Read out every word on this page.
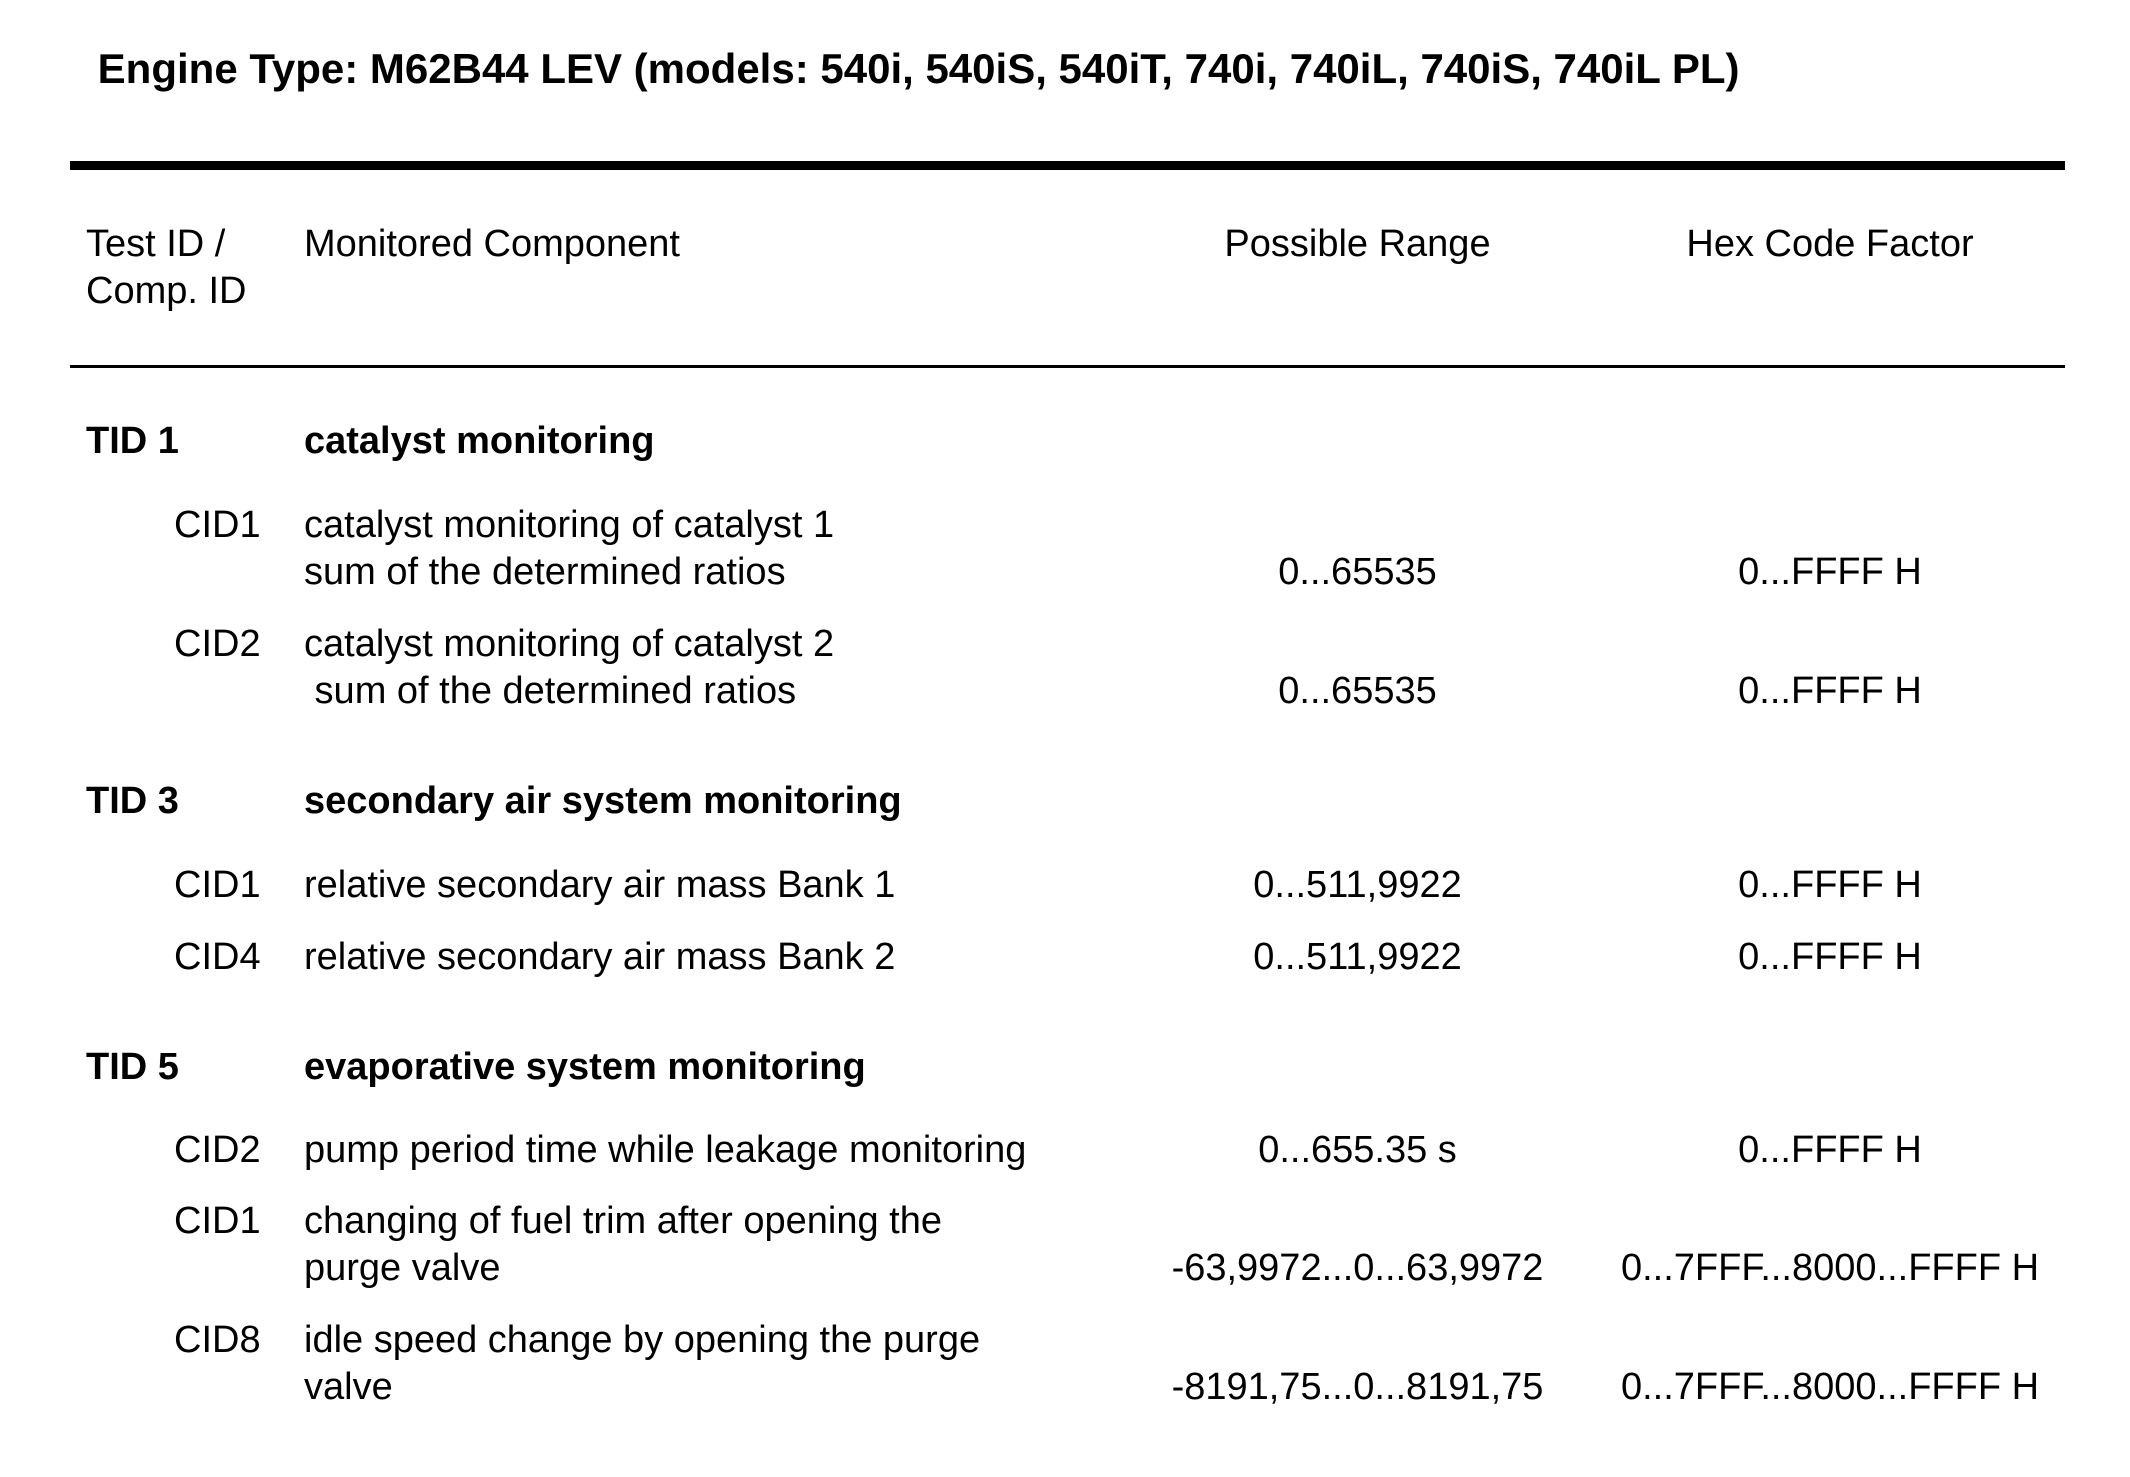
Engine Type: M62B44 LEV (models: 540i, 540iS, 540iT, 740i, 740iL, 740iS, 740iL PL)
Test ID /
Comp. ID
Monitored Component	Possible Range	Hex Code Factor
TID 1	catalyst monitoring
CID1 catalyst monitoring of catalyst 1
sum of the determined ratios	0...65535	0...FFFF H
CID2 catalyst monitoring of catalyst 2
sum of the determined ratios	0...65535	0...FFFF H
TID 3	secondary air system monitoring
CID1 relative secondary air mass Bank 1	0...511,9922	0...FFFF H
CID4 relative secondary air mass Bank 2	0...511,9922	0...FFFF H
TID 5	evaporative system monitoring
CID2 pump period time while leakage monitoring	0...655.35 s	0...FFFF H
CID1 changing of fuel trim after opening the
purge valve	-63,9972...0...63,9972	0...7FFF...8000...FFFF H
CID8 idle speed change by opening the purge
valve	-8191,75...0...8191,75	0...7FFF...8000...FFFF H
